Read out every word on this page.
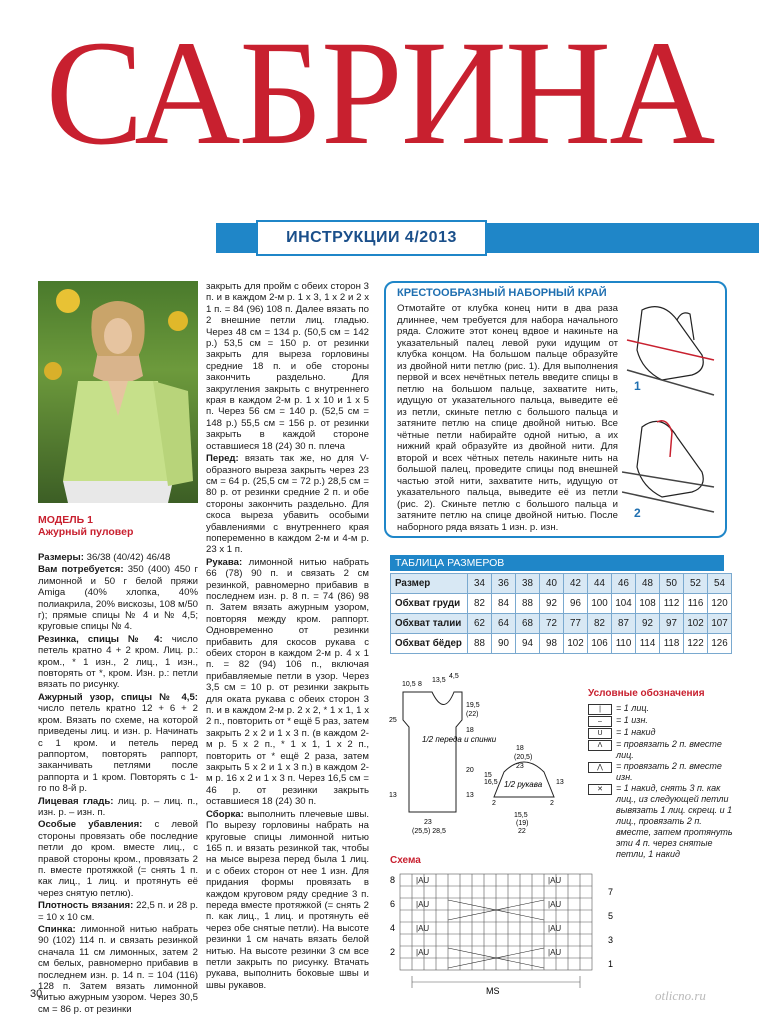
САБРИНА
ИНСТРУКЦИИ 4/2013
МОДЕЛЬ 1
Ажурный пуловер

Размеры: 36/38 (40/42) 46/48

Вам потребуется: 350 (400) 450 г лимонной и 50 г белой пряжи Amiga (40% хлопка, 40% полиакрила, 20% вискозы, 108 м/50 г); прямые спицы № 4 и № 4,5; круговые спицы № 4.

Резинка, спицы № 4: число петель кратно 4 + 2 кром. Лиц. р.: кром., * 1 изн., 2 лиц., 1 изн., повторять от *, кром. Изн. р.: петли вязать по рисунку.

Ажурный узор, спицы № 4,5: число петель кратно 12 + 6 + 2 кром. Вязать по схеме, на которой приведены лиц. и изн. р. Начинать с 1 кром. и петель перед раппортом, повторять раппорт, заканчивать петлями после раппорта и 1 кром. Повторять с 1-го по 8-й р.

Лицевая гладь: лиц. р. – лиц. п., изн. р. – изн. п.

Особые убавления: с левой стороны провязать обе последние петли до кром. вместе лиц., с правой стороны кром., провязать 2 п. вместе протяжкой (= снять 1 п. как лиц., 1 лиц. и протянуть её через снятую петлю).

Плотность вязания: 22,5 п. и 28 р. = 10 х 10 см.

Спинка: лимонной нитью набрать 90 (102) 114 п. и связать резинкой сначала 11 см лимонных, затем 2 см белых, равномерно прибавив в последнем изн. р. 14 п. = 104 (116) 128 п. Затем вязать лимонной нитью ажурным узором. Через 30,5 см = 86 р. от резинки

закрыть для пройм с обеих сторон 3 п. и в каждом 2-м р. 1 х 3, 1 х 2 и 2 х 1 п. = 84 (96) 108 п. Далее вязать по 2 внешние петли лиц. гладью. Через 48 см = 134 р. (50,5 см = 142 р.) 53,5 см = 150 р. от резинки закрыть для выреза горловины средние 18 п. и обе стороны закончить раздельно. Для закругления закрыть с внутреннего края в каждом 2-м р. 1 х 10 и 1 х 5 п. Через 56 см = 140 р. (52,5 см = 148 р.) 55,5 см = 156 р. от резинки закрыть в каждой стороне оставшиеся 18 (24) 30 п. плеча

Перед: вязать так же, но для V-образного выреза закрыть через 23 см = 64 р. (25,5 см = 72 р.) 28,5 см = 80 р. от резинки средние 2 п. и обе стороны закончить раздельно. Для скоса выреза убавить особыми убавлениями с внутреннего края попеременно в каждом 2-м и 4-м р. 23 х 1 п.

Рукава: лимонной нитью набрать 66 (78) 90 п. и связать 2 см резинкой, равномерно прибавив в последнем изн. р. 8 п. = 74 (86) 98 п. Затем вязать ажурным узором, повторяя между кром. раппорт. Одновременно от резинки прибавить для скосов рукава с обеих сторон в каждом 2-м р. 4 х 1 п. = 82 (94) 106 п., включая прибавляемые петли в узор. Через 3,5 см = 10 р. от резинки закрыть для оката рукава с обеих сторон 3 п. и в каждом 2-м р. 2 х 2, * 1 х 1, 1 х 2 п., повторить от * ещё 5 раз, затем закрыть 2 х 2 и 1 х 3 п. (в каждом 2-м р. 5 х 2 п., * 1 х 1, 1 х 2 п., повторить от * ещё 2 раза, затем закрыть 5 х 2 и 1 х 3 п.) в каждом 2-м р. 16 х 2 и 1 х 3 п. Через 16,5 см = 46 р. от резинки закрыть оставшиеся 18 (24) 30 п.

Сборка: выполнить плечевые швы. По вырезу горловины набрать на круговые спицы лимонной нитью 165 п. и вязать резинкой так, чтобы на мысе выреза перед была 1 лиц. и с обеих сторон от нее 1 изн. Для придания формы провязать в каждом круговом ряду средние 3 п. переда вместе протяжкой (= снять 2 п. как лиц., 1 лиц. и протянуть её через обе снятые петли). На высоте резинки 1 см начать вязать белой нитью. На высоте резинки 3 см все петли закрыть по рисунку. Втачать рукава, выполнить боковые швы и швы рукавов.

КРЕСТООБРАЗНЫЙ НАБОРНЫЙ КРАЙ
Отмотайте от клубка конец нити в два раза длиннее, чем требуется для набора начального ряда. Сложите этот конец вдвое и накиньте на указательный палец левой руки идущим от клубка концом. На большом пальце образуйте из двойной нити петлю (рис. 1). Для выполнения первой и всех нечётных петель введите спицы в петлю на большом пальце, захватите нить, идущую от указательного пальца, выведите её из петли, скиньте петлю с большого пальца и затяните петлю на спице двойной нитью. Все чётные петли набирайте одной нитью, а их нижний край образуйте из двойной нити. Для второй и всех чётных петель накиньте нить на большой палец, проведите спицы под внешней частью этой нити, захватите нить, идущую от указательного пальца, выведите её из петли (рис. 2). Скиньте петлю с большого пальца и затяните петлю на спице двойной нитью. После наборного ряда вязать 1 изн. р. изн.
1
2
ТАБЛИЦА РАЗМЕРОВ
Размер	34	36	38	40	42	44	46	48	50	52	54
Обхват груди	82	84	88	92	96	100	104	108	112	116	120
Обхват талии	62	64	68	72	77	82	87	92	97	102	107
Обхват бёдер	88	90	94	98	102	106	110	114	118	122	126
1/2 переда и спинки
1/2 рукава
10,5 8
13,5
4,5
19,5
(22)
25
18
13
20
23
(25,5) 28,5
18
(20,5)
23
15
16,5	13
13
2	2
15,5
(19)
22
Условные обозначения
|	= 1 лиц.
–	= 1 изн.
U	= 1 накид
Λ	= провязать 2 п. вместе лиц.
⋀	= провязать 2 п. вместе изн.
✕	= 1 накид, снять 3 п. как лиц., из следующей петли вывязать 1 лиц. скрещ. и 1 лиц., провязать 2 п. вместе, затем протянуть эти 4 п. через снятые петли, 1 накид
Схема
|AU
|AU
|AU
|AU
|AU
|AU
|AU
|AU
8
6
4
2
7
5
3
1
MS
30	otlicno.ru
